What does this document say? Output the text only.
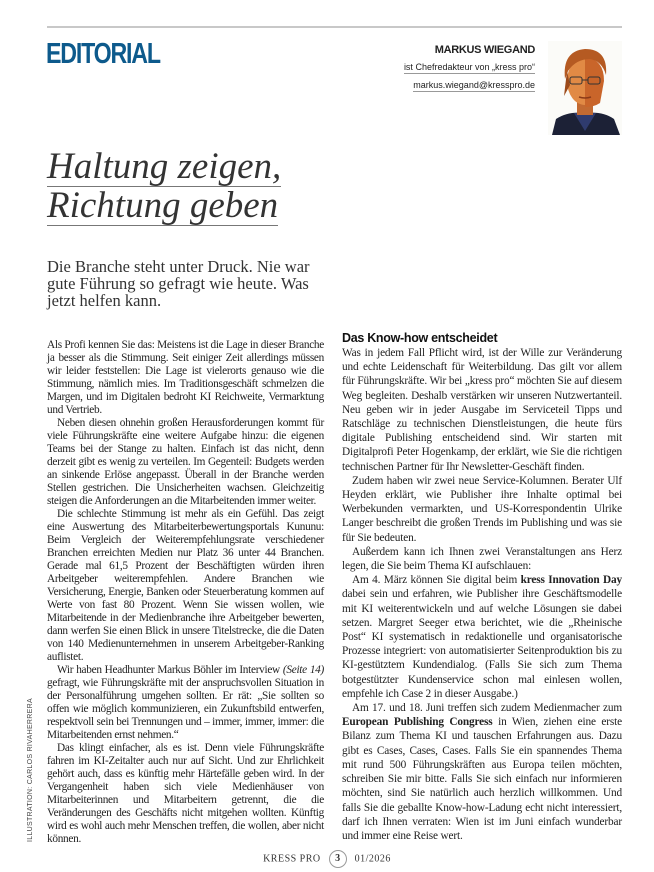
EDITORIAL	MARKUS WIEGAND
ist Chefredakteur von „kress pro“
markus.wiegand@kresspro.de
Haltung zeigen,
Richtung geben
Die Branche steht unter Druck. Nie war gute Führung so gefragt wie heute. Was jetzt helfen kann.

Als Profi kennen Sie das: Meistens ist die Lage in dieser Branche ja besser als die Stimmung. Seit einiger Zeit allerdings müssen wir leider feststellen: Die Lage ist vielerorts genauso wie die Stimmung, nämlich mies. Im Traditionsgeschäft schmelzen die Margen, und im Digitalen bedroht KI Reichweite, Vermarktung und Vertrieb.

Neben diesen ohnehin großen Herausforderungen kommt für viele Führungskräfte eine weitere Aufgabe hinzu: die eigenen Teams bei der Stange zu halten. Einfach ist das nicht, denn derzeit gibt es wenig zu verteilen. Im Gegenteil: Budgets werden an sinkende Erlöse angepasst. Überall in der Branche werden Stellen gestrichen. Die Unsicherheiten wachsen. Gleichzeitig steigen die Anforderungen an die Mitarbeitenden immer weiter.

Die schlechte Stimmung ist mehr als ein Gefühl. Das zeigt eine Auswertung des Mitarbeiterbewertungsportals Kununu: Beim Vergleich der Weiterempfehlungsrate verschiedener Branchen erreichten Medien nur Platz 36 unter 44 Branchen. Gerade mal 61,5 Prozent der Beschäftigten würden ihren Arbeitgeber weiterempfehlen. Andere Branchen wie Versicherung, Energie, Banken oder Steuerberatung kommen auf Werte von fast 80 Prozent. Wenn Sie wissen wollen, wie Mitarbeitende in der Medienbranche ihre Arbeitgeber bewerten, dann werfen Sie einen Blick in unsere Titelstrecke, die die Daten von 140 Medienunternehmen in unserem Arbeitgeber-Ranking auflistet.

Wir haben Headhunter Markus Böhler im Interview (Seite 14) gefragt, wie Führungskräfte mit der anspruchsvollen Situation in der Personalführung umgehen sollten. Er rät: „Sie sollten so offen wie möglich kommunizieren, ein Zukunftsbild entwerfen, respektvoll sein bei Trennungen und – immer, immer, immer: die Mitarbeitenden ernst nehmen.“

Das klingt einfacher, als es ist. Denn viele Führungskräfte fahren im KI-Zeitalter auch nur auf Sicht. Und zur Ehrlichkeit gehört auch, dass es künftig mehr Härtefälle geben wird. In der Vergangenheit haben sich viele Medienhäuser von Mitarbeiterinnen und Mitarbeitern getrennt, die die Veränderungen des Geschäfts nicht mitgehen wollten. Künftig wird es wohl auch mehr Menschen treffen, die wollen, aber nicht können.

Das Know-how entscheidet

Was in jedem Fall Pflicht wird, ist der Wille zur Veränderung und echte Leidenschaft für Weiterbildung. Das gilt vor allem für Führungskräfte. Wir bei „kress pro“ möchten Sie auf diesem Weg begleiten. Deshalb verstärken wir unseren Nutzwertanteil. Neu geben wir in jeder Ausgabe im Serviceteil Tipps und Ratschläge zu technischen Dienstleistungen, die heute fürs digitale Publishing entscheidend sind. Wir starten mit Digitalprofi Peter Hogenkamp, der erklärt, wie Sie die richtigen technischen Partner für Ihr Newsletter-Geschäft finden.

Zudem haben wir zwei neue Service-Kolumnen. Berater Ulf Heyden erklärt, wie Publisher ihre Inhalte optimal bei Werbekunden vermarkten, und US-Korrespondentin Ulrike Langer beschreibt die großen Trends im Publishing und was sie für Sie bedeuten.

Außerdem kann ich Ihnen zwei Veranstaltungen ans Herz legen, die Sie beim Thema KI aufschlauen:

Am 4. März können Sie digital beim kress Innovation Day dabei sein und erfahren, wie Publisher ihre Geschäftsmodelle mit KI weiterentwickeln und auf welche Lösungen sie dabei setzen. Margret Seeger etwa berichtet, wie die „Rheinische Post“ KI systematisch in redaktionelle und organisatorische Prozesse integriert: von automatisierter Seitenproduktion bis zu KI-gestütztem Kundendialog. (Falls Sie sich zum Thema botgestützter Kundenservice schon mal einlesen wollen, empfehle ich Case 2 in dieser Ausgabe.)

Am 17. und 18. Juni treffen sich zudem Medienmacher zum European Publishing Congress in Wien, ziehen eine erste Bilanz zum Thema KI und tauschen Erfahrungen aus. Dazu gibt es Cases, Cases, Cases. Falls Sie ein spannendes Thema mit rund 500 Führungskräften aus Europa teilen möchten, schreiben Sie mir bitte. Falls Sie sich einfach nur informieren möchten, sind Sie natürlich auch herzlich willkommen. Und falls Sie die geballte Know-how-Ladung echt nicht interessiert, darf ich Ihnen verraten: Wien ist im Juni einfach wunderbar und immer eine Reise wert.

ILLUSTRATION: CARLOS RIVAHERRERA
KRESS PRO 3 01/2026
